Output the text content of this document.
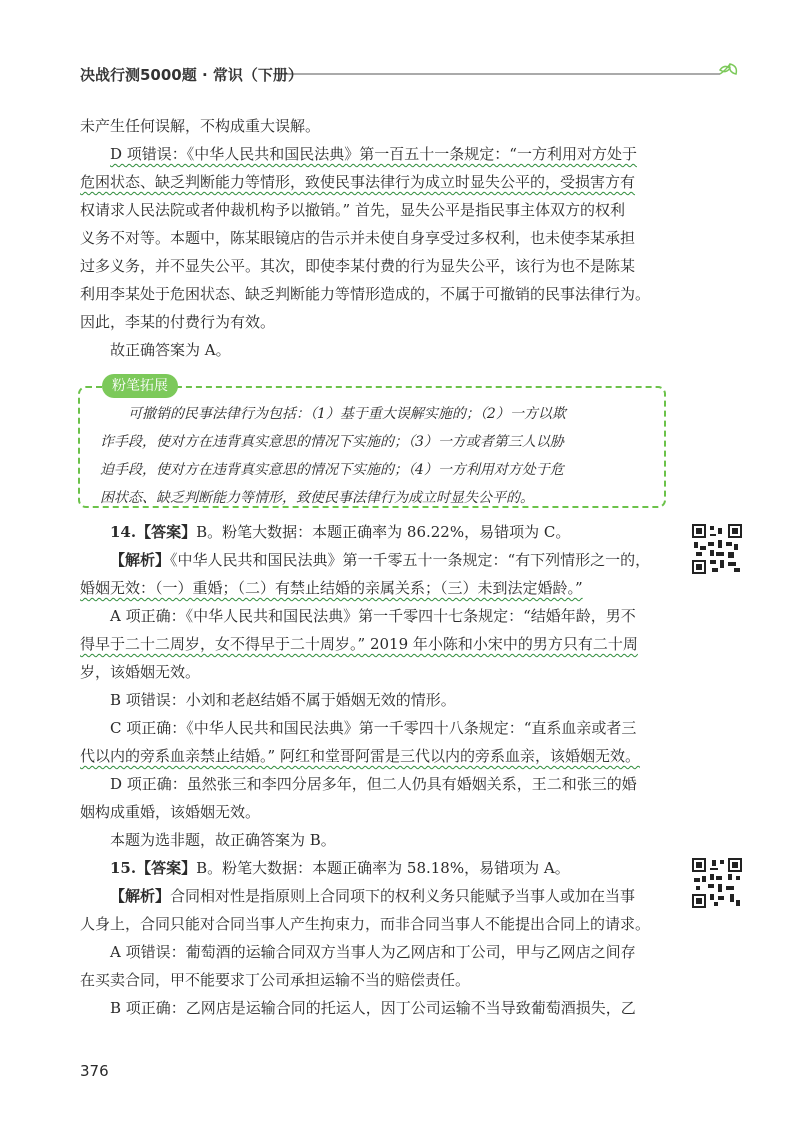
决战行测5000题 · 常识（下册）
未产生任何误解，不构成重大误解。
D 项错误：《中华人民共和国民法典》第一百五十一条规定：“一方利用对方处于
危困状态、缺乏判断能力等情形，致使民事法律行为成立时显失公平的，受损害方有
权请求人民法院或者仲裁机构予以撤销。” 首先，显失公平是指民事主体双方的权利
义务不对等。本题中，陈某眼镜店的告示并未使自身享受过多权利，也未使李某承担
过多义务，并不显失公平。其次，即使李某付费的行为显失公平，该行为也不是陈某
利用李某处于危困状态、缺乏判断能力等情形造成的，不属于可撤销的民事法律行为。
因此，李某的付费行为有效。
故正确答案为 A。
粉笔拓展
可撤销的民事法律行为包括：（1）基于重大误解实施的；（2）一方以欺
诈手段，使对方在违背真实意思的情况下实施的；（3）一方或者第三人以胁
迫手段，使对方在违背真实意思的情况下实施的；（4）一方利用对方处于危
困状态、缺乏判断能力等情形，致使民事法律行为成立时显失公平的。
14.【答案】B。粉笔大数据：本题正确率为 86.22%，易错项为 C。
【解析】《中华人民共和国民法典》第一千零五十一条规定：“有下列情形之一的，
婚姻无效：（一）重婚；（二）有禁止结婚的亲属关系；（三）未到法定婚龄。”
A 项正确：《中华人民共和国民法典》第一千零四十七条规定：“结婚年龄，男不
得早于二十二周岁，女不得早于二十周岁。” 2019 年小陈和小宋中的男方只有二十周
岁，该婚姻无效。
B 项错误：小刘和老赵结婚不属于婚姻无效的情形。
C 项正确：《中华人民共和国民法典》第一千零四十八条规定：“直系血亲或者三
代以内的旁系血亲禁止结婚。” 阿红和堂哥阿雷是三代以内的旁系血亲，该婚姻无效。
D 项正确：虽然张三和李四分居多年，但二人仍具有婚姻关系，王二和张三的婚
姻构成重婚，该婚姻无效。
本题为选非题，故正确答案为 B。
15.【答案】B。粉笔大数据：本题正确率为 58.18%，易错项为 A。
【解析】合同相对性是指原则上合同项下的权利义务只能赋予当事人或加在当事
人身上，合同只能对合同当事人产生拘束力，而非合同当事人不能提出合同上的请求。
A 项错误：葡萄酒的运输合同双方当事人为乙网店和丁公司，甲与乙网店之间存
在买卖合同，甲不能要求丁公司承担运输不当的赔偿责任。
B 项正确：乙网店是运输合同的托运人，因丁公司运输不当导致葡萄酒损失，乙
376
